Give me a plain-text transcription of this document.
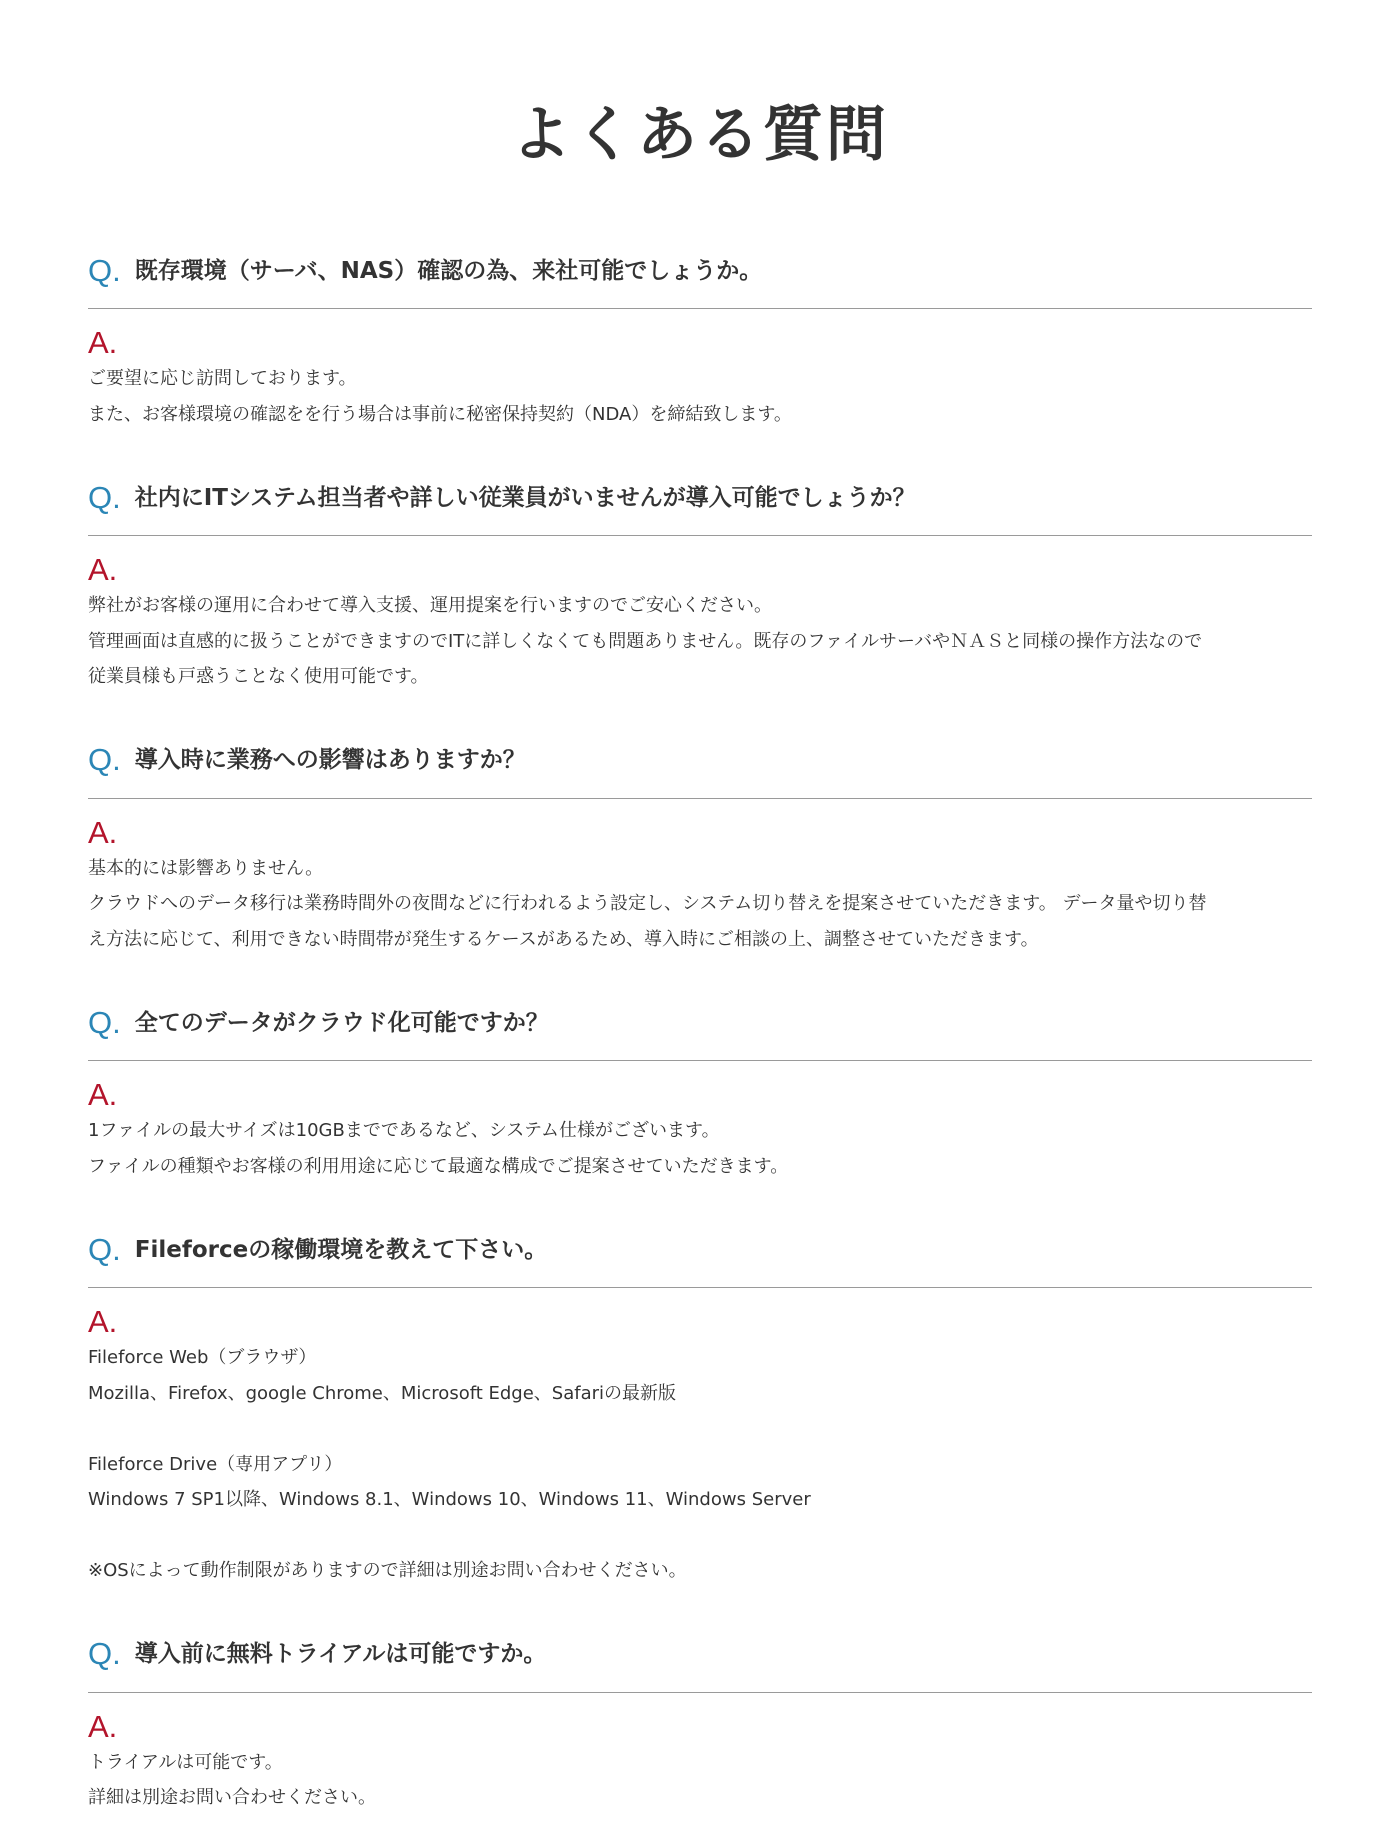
よくある質問
Q. 既存環境（サーバ、NAS）確認の為、来社可能でしょうか。
A.
ご要望に応じ訪問しております。
また、お客様環境の確認をを行う場合は事前に秘密保持契約（NDA）を締結致します。
Q. 社内にITシステム担当者や詳しい従業員がいませんが導入可能でしょうか？
A.
弊社がお客様の運用に合わせて導入支援、運用提案を行いますのでご安心ください。
管理画面は直感的に扱うことができますのでITに詳しくなくても問題ありません。既存のファイルサーバやＮＡＳと同様の操作方法なので
従業員様も戸惑うことなく使用可能です。
Q. 導入時に業務への影響はありますか？
A.
基本的には影響ありません。
クラウドへのデータ移行は業務時間外の夜間などに行われるよう設定し、システム切り替えを提案させていただきます。 データ量や切り替
え方法に応じて、利用できない時間帯が発生するケースがあるため、導入時にご相談の上、調整させていただきます。
Q. 全てのデータがクラウド化可能ですか？
A.
1ファイルの最大サイズは10GBまでであるなど、システム仕様がございます。
ファイルの種類やお客様の利用用途に応じて最適な構成でご提案させていただきます。
Q. Fileforceの稼働環境を教えて下さい。
A.
Fileforce Web（ブラウザ）
Mozilla、Firefox、google Chrome、Microsoft Edge、Safariの最新版
Fileforce Drive（専用アプリ）
Windows 7 SP1以降、Windows 8.1、Windows 10、Windows 11、Windows Server
※OSによって動作制限がありますので詳細は別途お問い合わせください。
Q. 導入前に無料トライアルは可能ですか。
A.
トライアルは可能です。
詳細は別途お問い合わせください。
